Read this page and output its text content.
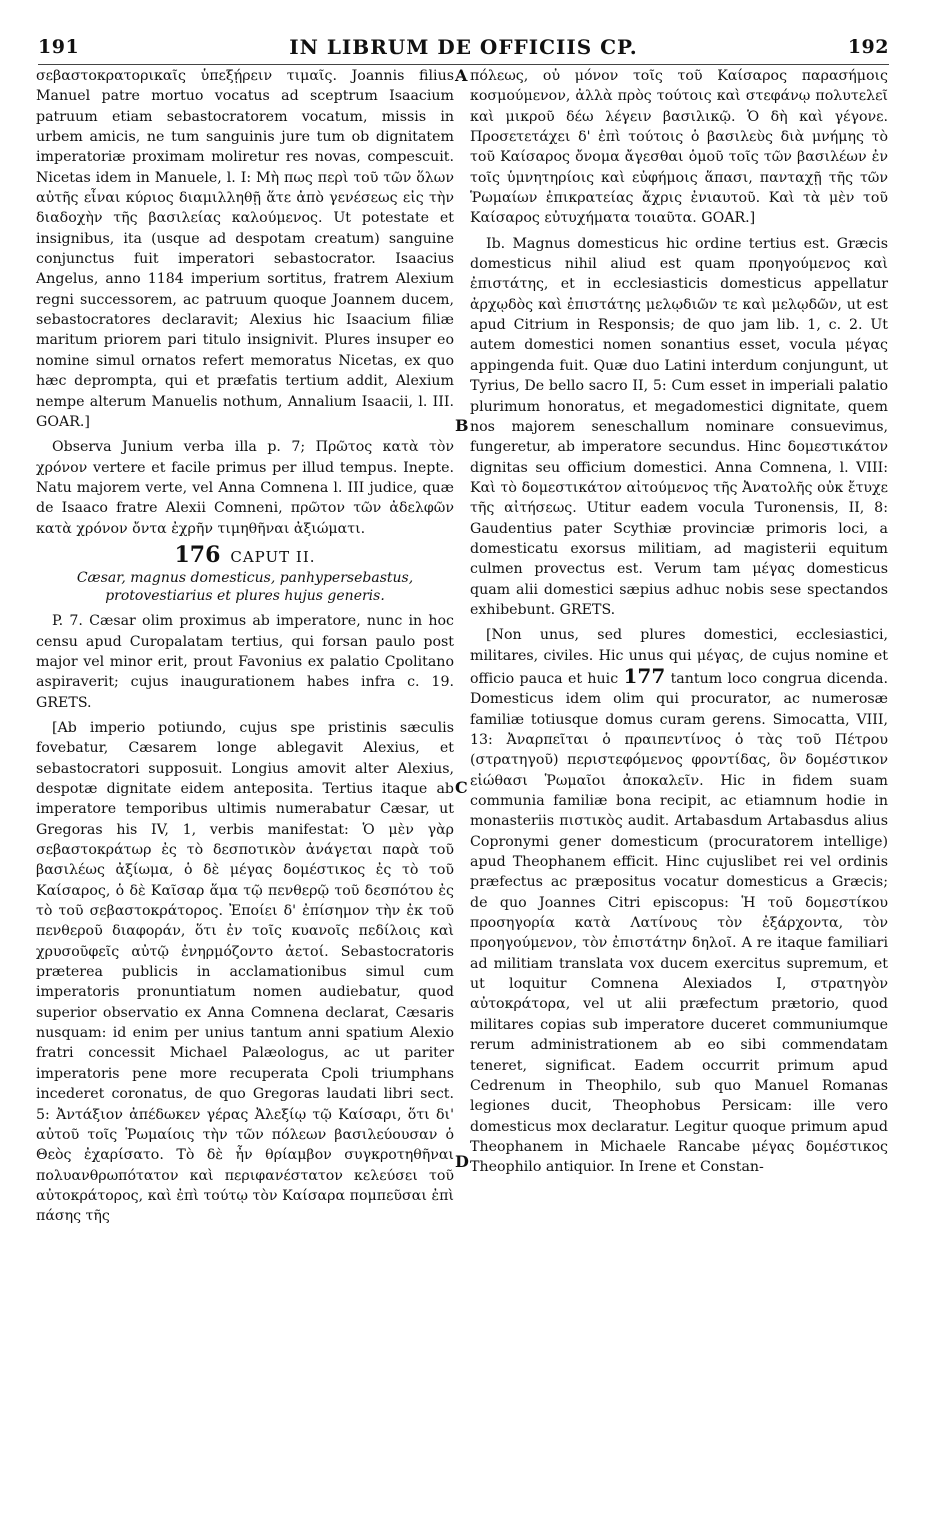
191	IN LIBRUM DE OFFICIIS CP.	192
A
B
C
D

σεβαστοκρατορικαῖς ὑπεξῄρειν τιμαῖς. Joannis filius Manuel patre mortuo vocatus ad sceptrum Isaacium patruum etiam sebastocratorem vocatum, missis in urbem amicis, ne tum sanguinis jure tum ob dignitatem imperatoriæ proximam moliretur res novas, compescuit. Nicetas idem in Manuele, l. I: Μὴ πως περὶ τοῦ τῶν ὅλων αὐτῆς εἶναι κύριος διαμιλληθῇ ἅτε ἀπὸ γενέσεως εἰς τὴν διαδοχὴν τῆς βασιλείας καλούμενος. Ut potestate et insignibus, ita (usque ad despotam creatum) sanguine conjunctus fuit imperatori sebastocrator. Isaacius Angelus, anno 1184 imperium sortitus, fratrem Alexium regni successorem, ac patruum quoque Joannem ducem, sebastocratores declaravit; Alexius hic Isaacium filiæ maritum priorem pari titulo insignivit. Plures insuper eo nomine simul ornatos refert memoratus Nicetas, ex quo hæc deprompta, qui et præfatis tertium addit, Alexium nempe alterum Manuelis nothum, Annalium Isaacii, l. III. GOAR.]

Observa Junium verba illa p. 7; Πρῶτος κατὰ τὸν χρόνον vertere et facile primus per illud tempus. Inepte. Natu majorem verte, vel Anna Comnena l. III judice, quæ de Isaaco fratre Alexii Comneni, πρῶτον τῶν ἀδελφῶν κατὰ χρόνον ὄντα ἐχρῆν τιμηθῆναι ἀξιώματι.

176 CAPUT II.
Cæsar, magnus domesticus, panhypersebastus, protovestiarius et plures hujus generis.

P. 7. Cæsar olim proximus ab imperatore, nunc in hoc censu apud Curopalatam tertius, qui forsan paulo post major vel minor erit, prout Favonius ex palatio Cpolitano aspiraverit; cujus inaugurationem habes infra c. 19. GRETS.

[Ab imperio potiundo, cujus spe pristinis sæculis fovebatur, Cæsarem longe ablegavit Alexius, et sebastocratori supposuit. Longius amovit alter Alexius, despotæ dignitate eidem anteposita. Tertius itaque ab imperatore temporibus ultimis numerabatur Cæsar, ut Gregoras his IV, 1, verbis manifestat: Ὁ μὲν γὰρ σεβαστοκράτωρ ἐς τὸ δεσποτικὸν ἀνάγεται παρὰ τοῦ βασιλέως ἀξίωμα, ὁ δὲ μέγας δομέστικος ἐς τὸ τοῦ Καίσαρος, ὁ δὲ Καῖσαρ ἅμα τῷ πενθερῷ τοῦ δεσπότου ἐς τὸ τοῦ σεβαστοκράτορος. Ἐποίει δ' ἐπίσημον τὴν ἐκ τοῦ πενθεροῦ διαφοράν, ὅτι ἐν τοῖς κυανοῖς πεδίλοις καὶ χρυσοῦφεῖς αὐτῷ ἐνηρμόζοντο ἀετοί. Sebastocratoris præterea publicis in acclamationibus simul cum imperatoris pronuntiatum nomen audiebatur, quod superior observatio ex Anna Comnena declarat, Cæsaris nusquam: id enim per unius tantum anni spatium Alexio fratri concessit Michael Palæologus, ac ut pariter imperatoris pene more recuperata Cpoli triumphans incederet coronatus, de quo Gregoras laudati libri sect. 5: Ἀντάξιον ἀπέδωκεν γέρας Ἀλεξίῳ τῷ Καίσαρι, ὅτι δι' αὐτοῦ τοῖς Ῥωμαίοις τὴν τῶν πόλεων βασιλεύουσαν ὁ Θεὸς ἐχαρίσατο. Τὸ δὲ ἦν θρίαμβον συγκροτηθῆναι πολυανθρωπότατον καὶ περιφανέστατον κελεύσει τοῦ αὐτοκράτορος, καὶ ἐπὶ τούτῳ τὸν Καίσαρα πομπεῦσαι ἐπὶ πάσης τῆς

πόλεως, οὐ μόνον τοῖς τοῦ Καίσαρος παρασήμοις κοσμούμενον, ἀλλὰ πρὸς τούτοις καὶ στεφάνῳ πολυτελεῖ καὶ μικροῦ δέω λέγειν βασιλικῷ. Ὁ δὴ καὶ γέγονε. Προσετετάχει δ' ἐπὶ τούτοις ὁ βασιλεὺς διὰ μνήμης τὸ τοῦ Καίσαρος ὄνομα ἄγεσθαι ὁμοῦ τοῖς τῶν βασιλέων ἐν τοῖς ὑμνητηρίοις καὶ εὐφήμοις ἅπασι, πανταχῇ τῆς τῶν Ῥωμαίων ἐπικρατείας ἄχρις ἐνιαυτοῦ. Καὶ τὰ μὲν τοῦ Καίσαρος εὐτυχήματα τοιαῦτα. GOAR.]

Ib. Magnus domesticus hic ordine tertius est. Græcis domesticus nihil aliud est quam προηγούμενος καὶ ἐπιστάτης, et in ecclesiasticis domesticus appellatur ἀρχῳδὸς καὶ ἐπιστάτης μελῳδιῶν τε καὶ μελῳδῶν, ut est apud Citrium in Responsis; de quo jam lib. 1, c. 2. Ut autem domestici nomen sonantius esset, vocula μέγας appingenda fuit. Quæ duo Latini interdum conjungunt, ut Tyrius, De bello sacro II, 5: Cum esset in imperiali palatio plurimum honoratus, et megadomestici dignitate, quem nos majorem seneschallum nominare consuevimus, fungeretur, ab imperatore secundus. Hinc δομεστικάτον dignitas seu officium domestici. Anna Comnena, l. VIII: Καὶ τὸ δομεστικάτον αἰτούμενος τῆς Ἀνατολῆς οὐκ ἔτυχε τῆς αἰτήσεως. Utitur eadem vocula Turonensis, II, 8: Gaudentius pater Scythiæ provinciæ primoris loci, a domesticatu exorsus militiam, ad magisterii equitum culmen provectus est. Verum tam μέγας domesticus quam alii domestici sæpius adhuc nobis sese spectandos exhibebunt. GRETS.

[Non unus, sed plures domestici, ecclesiastici, militares, civiles. Hic unus qui μέγας, de cujus nomine et officio pauca et huic 177 tantum loco congrua dicenda. Domesticus idem olim qui procurator, ac numerosæ familiæ totiusque domus curam gerens. Simocatta, VIII, 13: Ἀναρπεῖται ὁ πραιπεντίνος ὁ τὰς τοῦ Πέτρου (στρατηγοῦ) περιστεφόμενος φροντίδας, ὃν δομέστικον εἰώθασι Ῥωμαῖοι ἀποκαλεῖν. Hic in fidem suam communia familiæ bona recipit, ac etiamnum hodie in monasteriis πιστικὸς audit. Artabasdum Artabasdus alius Copronymi gener domesticum (procuratorem intellige) apud Theophanem efficit. Hinc cujuslibet rei vel ordinis præfectus ac præpositus vocatur domesticus a Græcis; de quo Joannes Citri episcopus: Ἡ τοῦ δομεστίκου προσηγορία κατὰ Λατίνους τὸν ἐξάρχοντα, τὸν προηγούμενον, τὸν ἐπιστάτην δηλοῖ. A re itaque familiari ad militiam translata vox ducem exercitus supremum, et ut loquitur Comnena Alexiados I, στρατηγὸν αὐτοκράτορα, vel ut alii præfectum prætorio, quod militares copias sub imperatore duceret communiumque rerum administrationem ab eo sibi commendatam teneret, significat. Eadem occurrit primum apud Cedrenum in Theophilo, sub quo Manuel Romanas legiones ducit, Theophobus Persicam: ille vero domesticus mox declaratur. Legitur quoque primum apud Theophanem in Michaele Rancabe μέγας δομέστικος Theophilo antiquior. In Irene et Constan-
